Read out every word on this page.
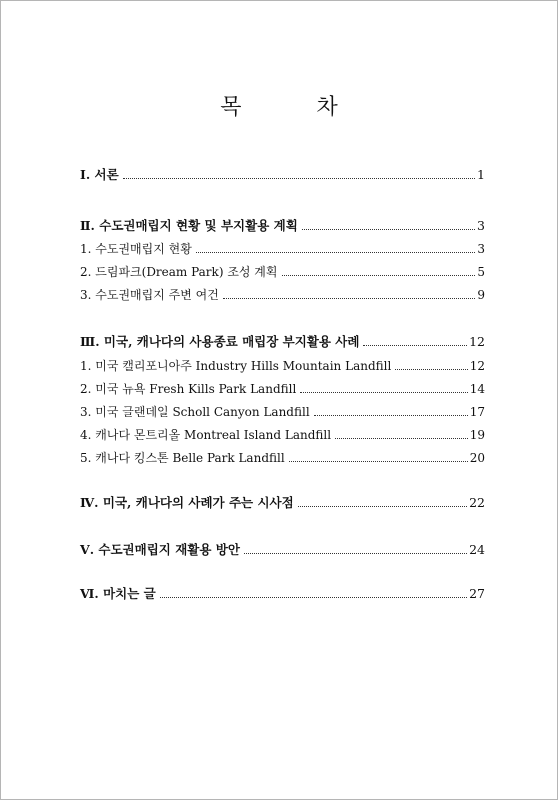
목 차
Ⅰ. 서론	1
Ⅱ. 수도권매립지 현황 및 부지활용 계획	3
1. 수도권매립지 현황	3
2. 드림파크(Dream Park) 조성 계획	5
3. 수도권매립지 주변 여건	9
Ⅲ. 미국, 캐나다의 사용종료 매립장 부지활용 사례	12
1. 미국 캘리포니아주 Industry Hills Mountain Landfill	12
2. 미국 뉴욕 Fresh Kills Park Landfill	14
3. 미국 글랜데일 Scholl Canyon Landfill	17
4. 캐나다 몬트리올 Montreal Island Landfill	19
5. 캐나다 킹스톤 Belle Park Landfill	20
Ⅳ. 미국, 캐나다의 사례가 주는 시사점	22
Ⅴ. 수도권매립지 재활용 방안	24
Ⅵ. 마치는 글	27
